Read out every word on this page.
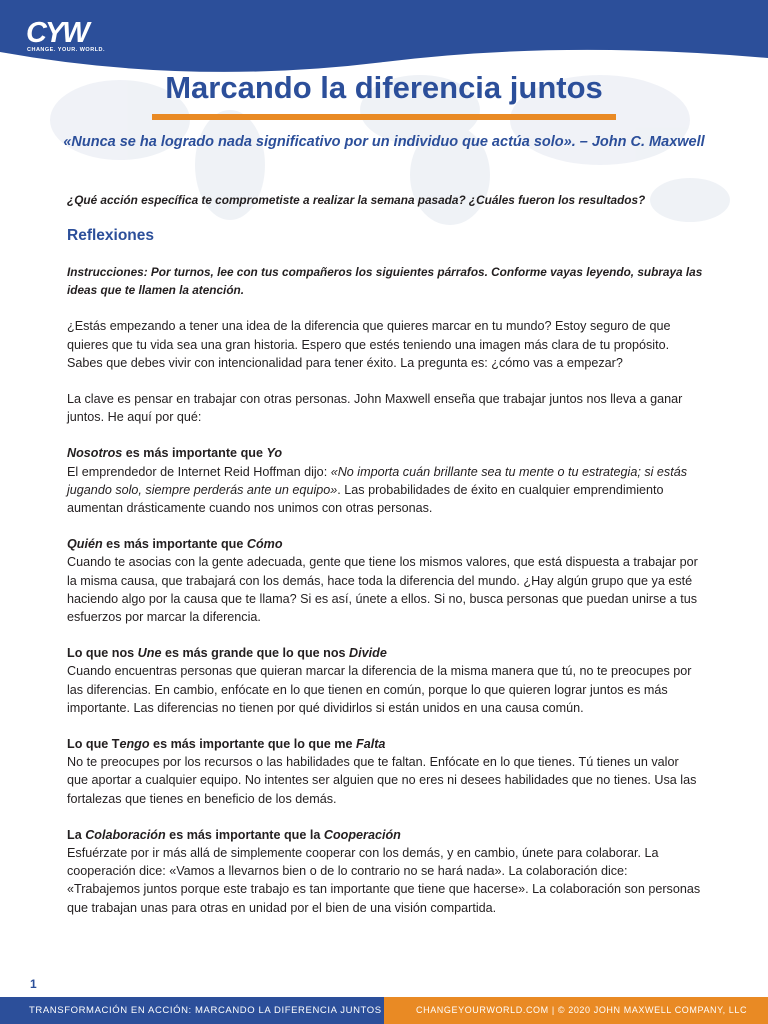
CYW
CHANGE. YOUR. WORLD.
Marcando la diferencia juntos
«Nunca se ha logrado nada significativo por un individuo que actúa solo». – John C. Maxwell
¿Qué acción específica te comprometiste a realizar la semana pasada? ¿Cuáles fueron los resultados?
Reflexiones

Instrucciones: Por turnos, lee con tus compañeros los siguientes párrafos. Conforme vayas leyendo, subraya las ideas que te llamen la atención.

¿Estás empezando a tener una idea de la diferencia que quieres marcar en tu mundo? Estoy seguro de que quieres que tu vida sea una gran historia. Espero que estés teniendo una imagen más clara de tu propósito. Sabes que debes vivir con intencionalidad para tener éxito. La pregunta es: ¿cómo vas a empezar?

La clave es pensar en trabajar con otras personas. John Maxwell enseña que trabajar juntos nos lleva a ganar juntos. He aquí por qué:

Nosotros es más importante que Yo
El emprendedor de Internet Reid Hoffman dijo: «No importa cuán brillante sea tu mente o tu estrategia; si estás jugando solo, siempre perderás ante un equipo». Las probabilidades de éxito en cualquier emprendimiento aumentan drásticamente cuando nos unimos con otras personas.
Quién es más importante que Cómo
Cuando te asocias con la gente adecuada, gente que tiene los mismos valores, que está dispuesta a trabajar por la misma causa, que trabajará con los demás, hace toda la diferencia del mundo. ¿Hay algún grupo que ya esté haciendo algo por la causa que te llama? Si es así, únete a ellos. Si no, busca personas que puedan unirse a tus esfuerzos por marcar la diferencia.
Lo que nos Une es más grande que lo que nos Divide
Cuando encuentras personas que quieran marcar la diferencia de la misma manera que tú, no te preocupes por las diferencias. En cambio, enfócate en lo que tienen en común, porque lo que quieren lograr juntos es más importante. Las diferencias no tienen por qué dividirlos si están unidos en una causa común.
Lo que Tengo es más importante que lo que me Falta
No te preocupes por los recursos o las habilidades que te faltan. Enfócate en lo que tienes. Tú tienes un valor que aportar a cualquier equipo. No intentes ser alguien que no eres ni desees habilidades que no tienes. Usa las fortalezas que tienes en beneficio de los demás.
La Colaboración es más importante que la Cooperación
Esfuérzate por ir más allá de simplemente cooperar con los demás, y en cambio, únete para colaborar. La cooperación dice: «Vamos a llevarnos bien o de lo contrario no se hará nada». La colaboración dice: «Trabajemos juntos porque este trabajo es tan importante que tiene que hacerse». La colaboración son personas que trabajan unas para otras en unidad por el bien de una visión compartida.
1
TRANSFORMACIÓN EN ACCIÓN: MARCANDO LA DIFERENCIA JUNTOS	CHANGEYOURWORLD.COM | © 2020 JOHN MAXWELL COMPANY, LLC
